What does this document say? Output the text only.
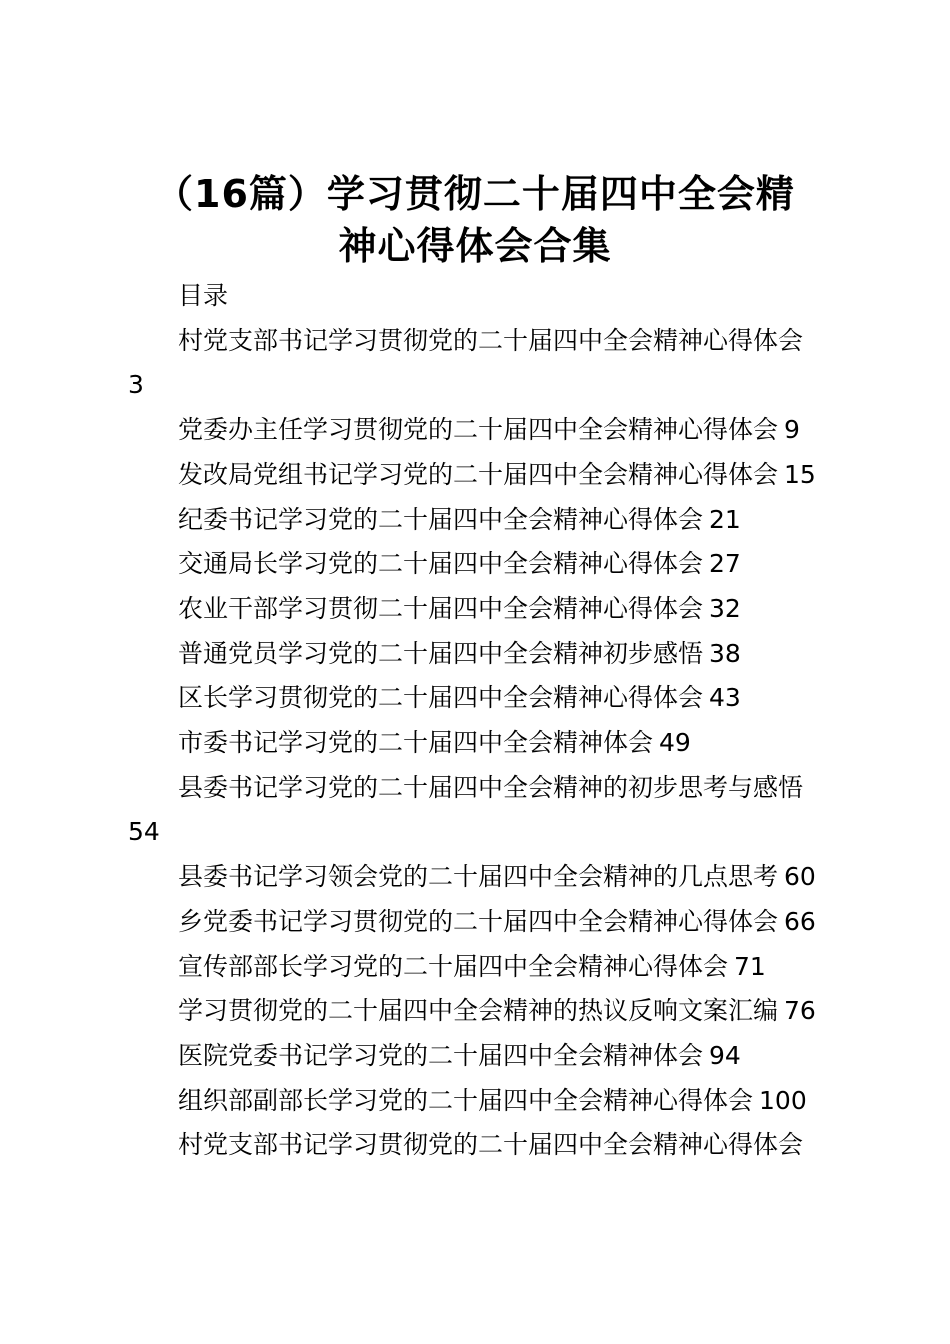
（16篇）学习贯彻二十届四中全会精
神心得体会合集
目录
村党支部书记学习贯彻党的二十届四中全会精神心得体会
3
党委办主任学习贯彻党的二十届四中全会精神心得体会 9
发改局党组书记学习党的二十届四中全会精神心得体会 15
纪委书记学习党的二十届四中全会精神心得体会 21
交通局长学习党的二十届四中全会精神心得体会 27
农业干部学习贯彻二十届四中全会精神心得体会 32
普通党员学习党的二十届四中全会精神初步感悟 38
区长学习贯彻党的二十届四中全会精神心得体会 43
市委书记学习党的二十届四中全会精神体会 49
县委书记学习党的二十届四中全会精神的初步思考与感悟
54
县委书记学习领会党的二十届四中全会精神的几点思考 60
乡党委书记学习贯彻党的二十届四中全会精神心得体会 66
宣传部部长学习党的二十届四中全会精神心得体会 71
学习贯彻党的二十届四中全会精神的热议反响文案汇编 76
医院党委书记学习党的二十届四中全会精神体会 94
组织部副部长学习党的二十届四中全会精神心得体会 100
村党支部书记学习贯彻党的二十届四中全会精神心得体会
